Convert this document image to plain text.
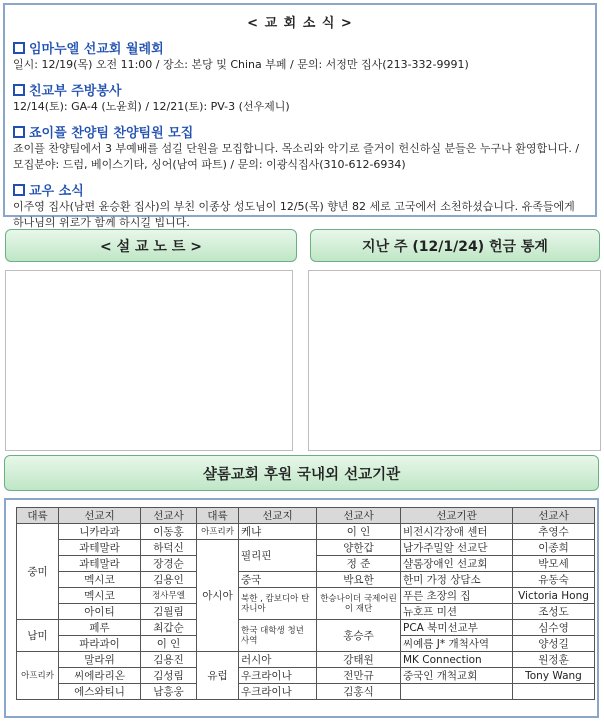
< 교 회 소 식 >
임마누엘 선교회 월례회
일시: 12/19(목) 오전 11:00 / 장소: 본당 및 China 부페 / 문의: 서정만 집사(213-332-9991)
친교부 주방봉사
12/14(토): GA-4 (노윤희) / 12/21(토): PV-3 (선우제니)
죠이플 찬양팀 찬양팀원 모집
죠이플 찬양팀에서 3 부예배를 섬길 단원을 모집합니다. 목소리와 악기로 즐거이 헌신하실 분들은 누구나 환영합니다. / 모집분야: 드럼, 베이스기타, 싱어(남여 파트) / 문의: 이광식집사(310-612-6934)
교우 소식
이주영 집사(남편 윤승환 집사)의 부친 이종상 성도님이 12/5(목) 향년 82 세로 고국에서 소천하셨습니다. 유족들에게 하나님의 위로가 함께 하시길 빕니다.
< 설 교 노 트 >	지난 주 (12/1/24) 헌금 통계
샬롬교회 후원 국내외 선교기관
대륙	선교지	선교사	대륙	선교지	선교사	선교기관	선교사
중미	니카라과	이동홍	아프리카	케냐	이 인	비전시각장애 센터	추영수
	과테말라	하덕신	아시아	필리핀	양한갑	남가주밀알 선교단	이종희
	과테말라	장경순			정 준	샬롬장애인 선교회	박모세
	멕시코	김용인		중국	박요한	한미 가정 상담소	유동숙
	멕시코	정사무엘		북한 , 캄보디아 탄자니아	한승나이더 국제어린이 재단	푸른 초장의 집	Victoria Hong
	아이티	김월림				뉴호프 미션	조성도
남미	페루	최갑순		한국 대학생 청년 사역	홍승주	PCA 북미선교부	심수영
	파라과이	이 인				씨예름 J* 개척사역	양성길
아프리카	말라위	김용진	유럽	러시아	강태원	MK Connection	원정훈
	씨에라리온	김성림		우크라이나	전만규	중국인 개척교회	Tony Wang
	에스와티니	남흥웅		우크라이나	김홍식		
